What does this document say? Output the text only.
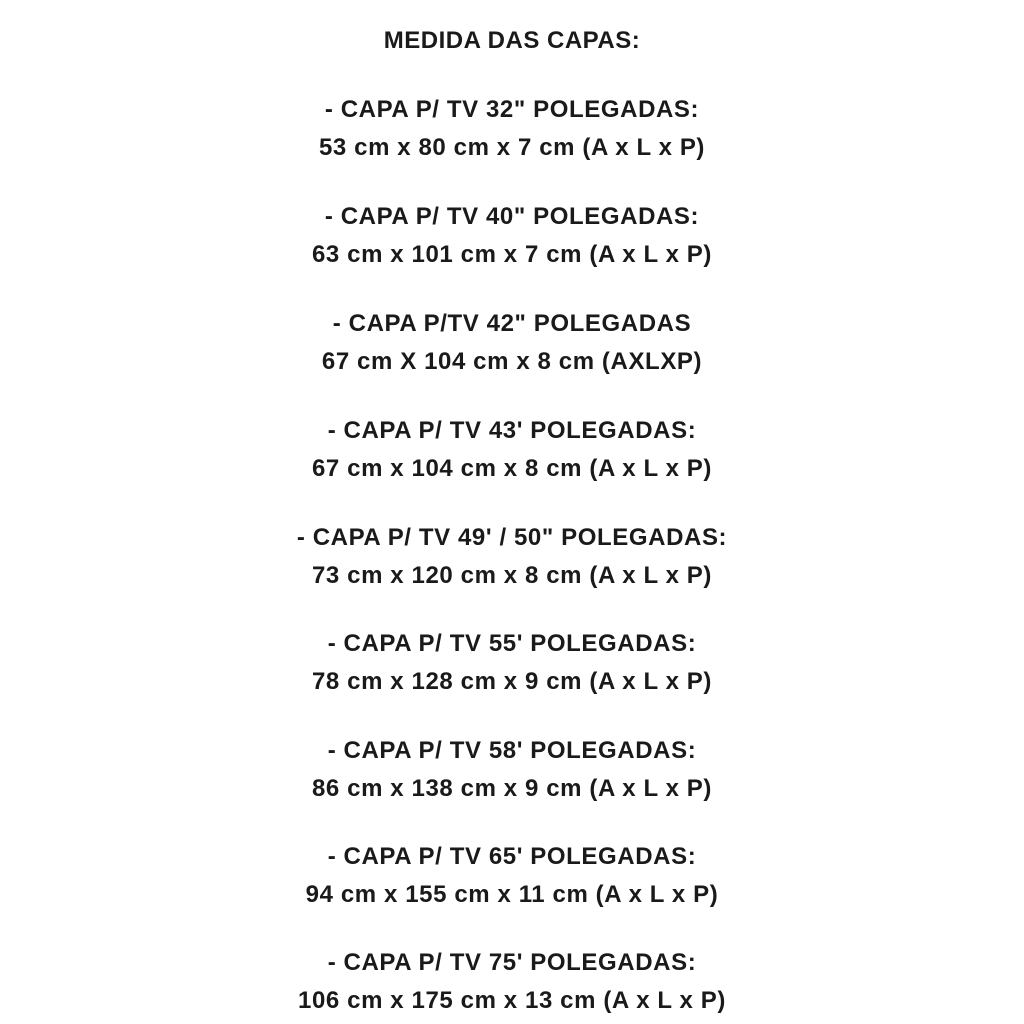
MEDIDA DAS CAPAS:
- CAPA P/ TV 32" POLEGADAS:
53 cm x 80 cm x 7 cm (A x L x P)
- CAPA P/ TV 40" POLEGADAS:
63 cm x 101 cm x 7 cm (A x L x P)
- CAPA P/TV 42" POLEGADAS
67 cm X 104 cm x 8 cm (AXLXP)
- CAPA P/ TV 43' POLEGADAS:
67 cm x 104 cm x 8 cm (A x L x P)
- CAPA P/ TV 49' / 50" POLEGADAS:
73 cm x 120 cm x 8 cm (A x L x P)
- CAPA P/ TV 55' POLEGADAS:
78 cm x 128 cm x 9 cm (A x L x P)
- CAPA P/ TV 58' POLEGADAS:
86 cm x 138 cm x 9 cm (A x L x P)
- CAPA P/ TV 65' POLEGADAS:
94 cm x 155 cm x 11 cm (A x L x P)
- CAPA P/ TV 75' POLEGADAS:
106 cm x 175 cm x 13 cm (A x L x P)
